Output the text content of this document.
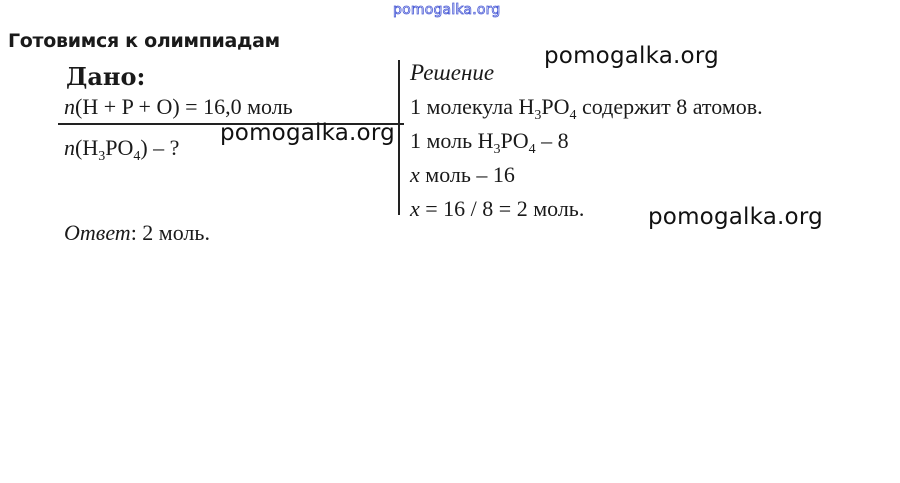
pomogalka.org
Готовимся к олимпиадам
pomogalka.org
Дано:	Решение
n(H + P + O) = 16,0 моль
$n(H_3PO_4)$ – ?
pomogalka.org
1 молекула $H_3PO_4$ содержит 8 атомов.
1 моль $H_3PO_4 - 8$
x моль – 16
x = 16 / 8 = 2 моль.	pomogalka.org
Ответ: 2 моль.
